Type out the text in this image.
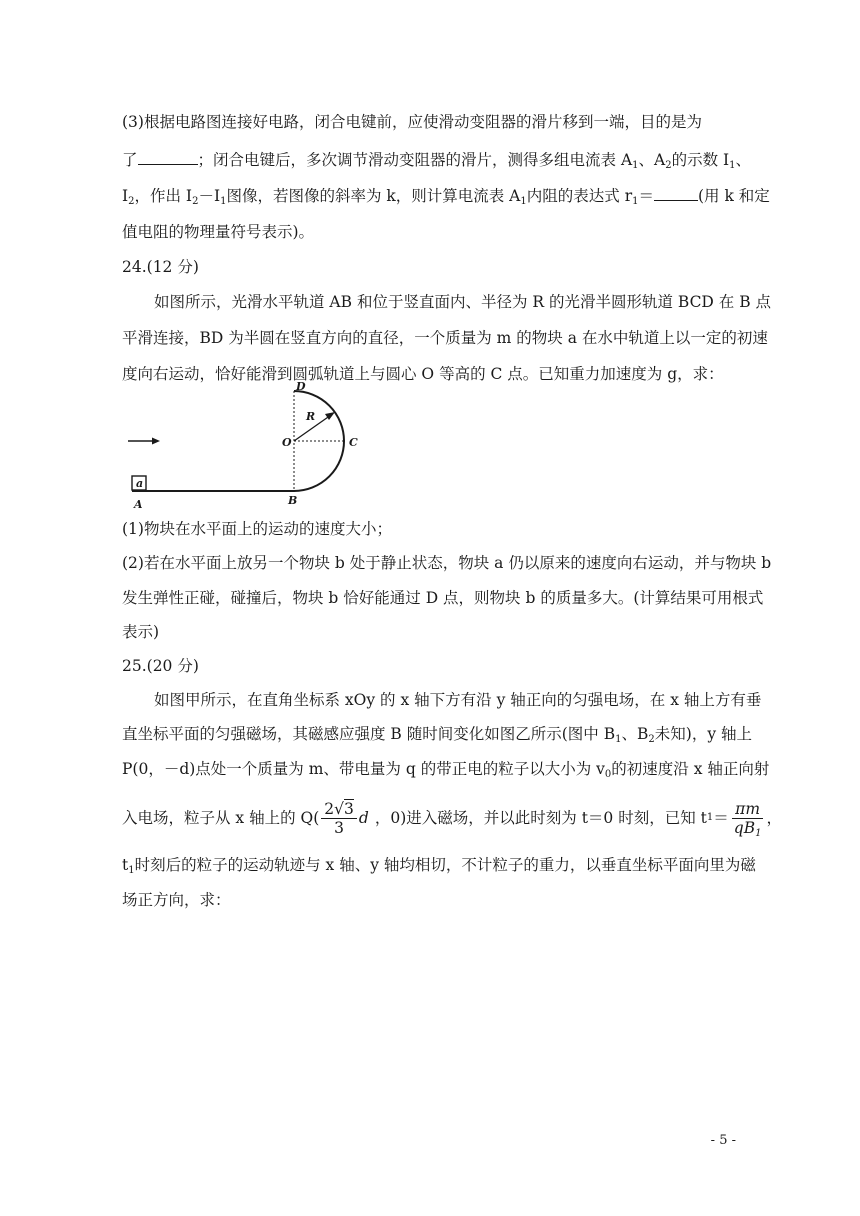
(3)根据电路图连接好电路，闭合电键前，应使滑动变阻器的滑片移到一端，目的是为
了	；闭合电键后，多次调节滑动变阻器的滑片，测得多组电流表 $A_1$、$A_2$的示数 $I_1$、
$I_2$，作出 $I_2-I_1$图像，若图像的斜率为 k，则计算电流表 $A_1$内阻的表达式 $r_1=$	(用 k 和定
值电阻的物理量符号表示)。
24.(12 分)
如图所示，光滑水平轨道 AB 和位于竖直面内、半径为 R 的光滑半圆形轨道 BCD 在 B 点
平滑连接，BD 为半圆在竖直方向的直径，一个质量为 m 的物块 a 在水中轨道上以一定的初速
度向右运动，恰好能滑到圆弧轨道上与圆心 O 等高的 C 点。已知重力加速度为 g，求：
a
D
R
O	C
B
A
(1)物块在水平面上的运动的速度大小；
(2)若在水平面上放另一个物块 b 处于静止状态，物块 a 仍以原来的速度向右运动，并与物块 b
发生弹性正碰，碰撞后，物块 b 恰好能通过 D 点，则物块 b 的质量多大。(计算结果可用根式
表示)
25.(20 分)
如图甲所示，在直角坐标系 xOy 的 x 轴下方有沿 y 轴正向的匀强电场，在 x 轴上方有垂
直坐标平面的匀强磁场，其磁感应强度 B 随时间变化如图乙所示(图中 $B_1$、$B_2$未知)，y 轴上
P(0，－d)点处一个质量为 m、带电量为 q 的带正电的粒子以大小为 $v_0$的初速度沿 x 轴正向射
入电场，粒子从 x 轴上的 $Q( \frac{2√3}{3}$ d ，0)进入磁场，并以此时刻为 t＝0 时刻，已知 t $1 = \frac{\pi m}{qB_1}$ ，
$t_1$时刻后的粒子的运动轨迹与 x 轴、y 轴均相切，不计粒子的重力，以垂直坐标平面向里为磁
场正方向，求：
- 5 -
